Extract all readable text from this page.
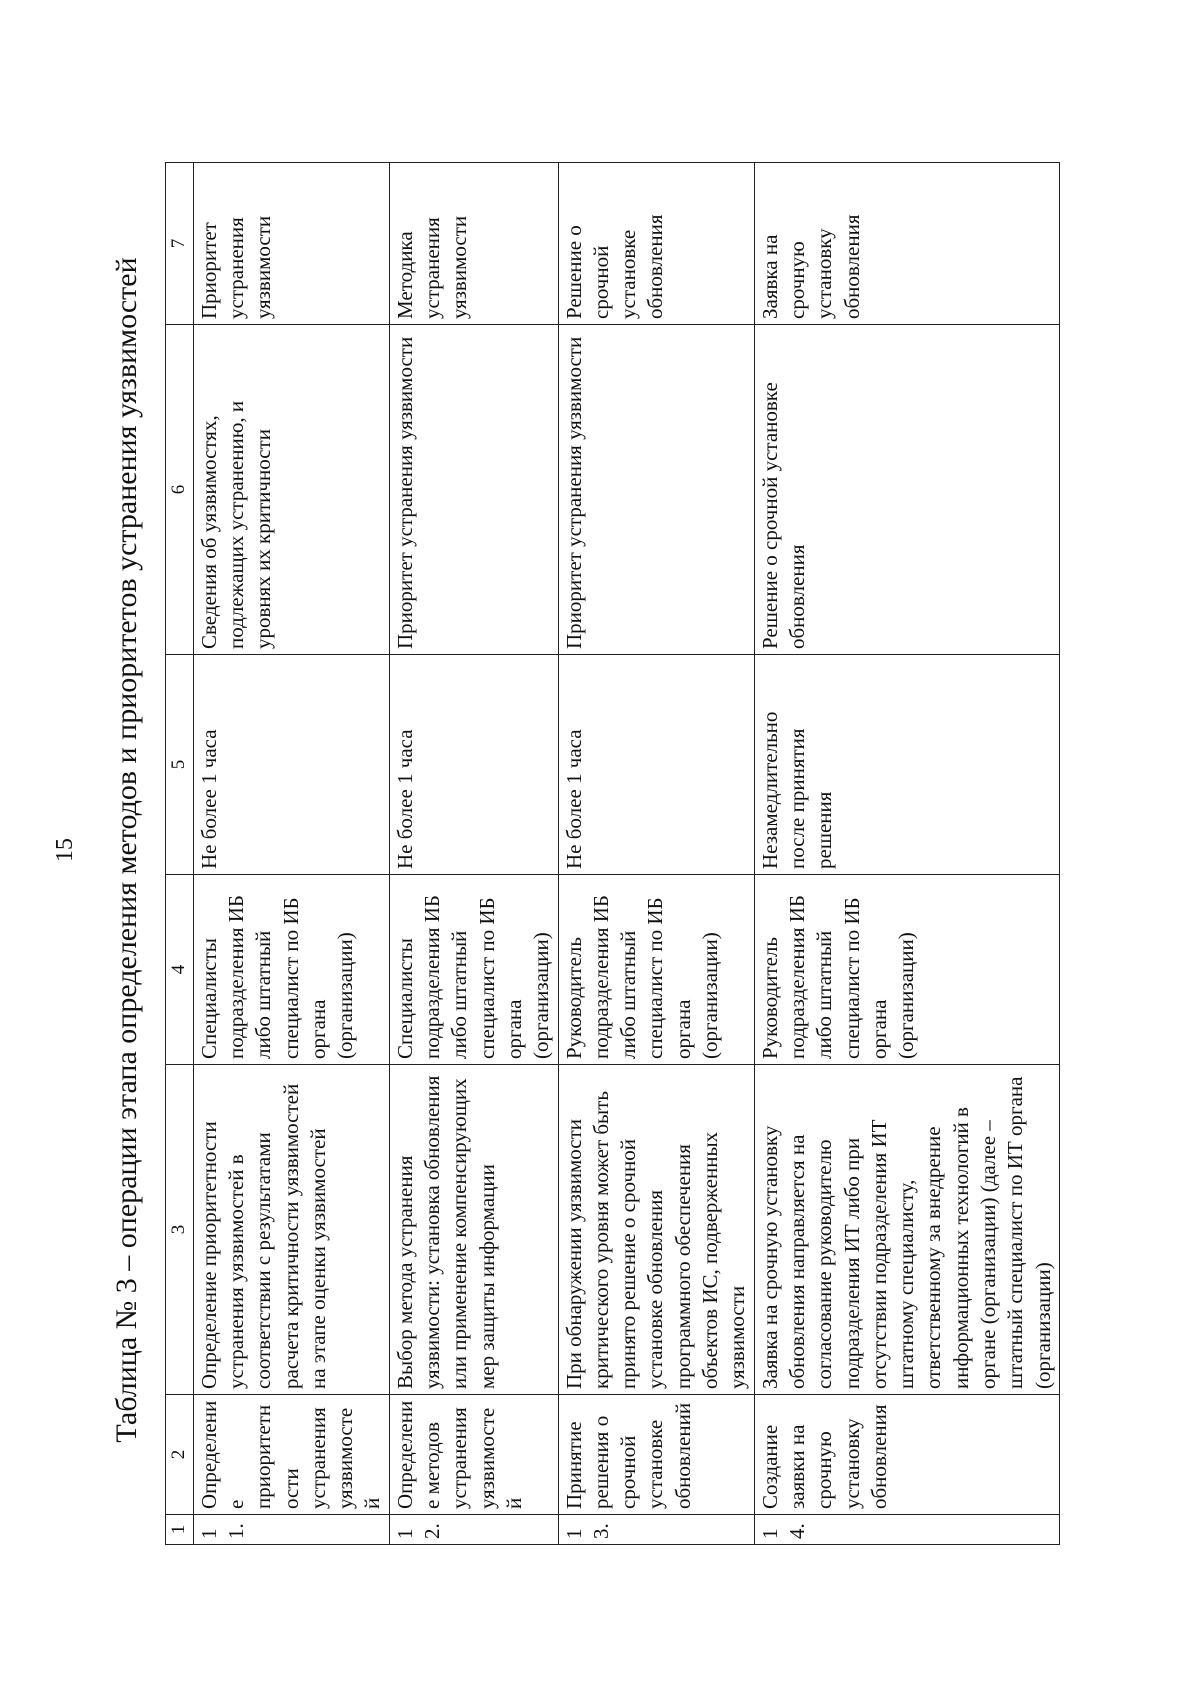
15 Таблица № 3 – операции этапа определения методов и приоритетов устранения уязвимостей
1	2	3	4	5	6	7
11.	Определение приоритетности устранения уязвимостей	Определение приоритетности устранения уязвимостей в соответствии с результатами расчета критичности уязвимостей на этапе оценки уязвимостей	Специалисты подразделения ИБ либо штатный специалист по ИБ органа (организации)	Не более 1 часа	Сведения об уязвимостях, подлежащих устранению, и уровнях их критичности	Приоритет устранения уязвимости
12.	Определение методов устранения уязвимостей	Выбор метода устранения уязвимости: установка обновления или применение компенсирующих мер защиты информации	Специалисты подразделения ИБ либо штатный специалист по ИБ органа (организации)	Не более 1 часа	Приоритет устранения уязвимости	Методика устранения уязвимости
13.	Принятие решения о срочной установке обновлений	При обнаружении уязвимости критического уровня может быть принято решение о срочной установке обновления программного обеспечения объектов ИС, подверженных уязвимости	Руководитель подразделения ИБ либо штатный специалист по ИБ органа (организации)	Не более 1 часа	Приоритет устранения уязвимости	Решение о срочной установке обновления
14.	Создание заявки на срочную установку обновления	Заявка на срочную установку обновления направляется на согласование руководителю подразделения ИТ либо при отсутствии подразделения ИТ штатному специалисту, ответственному за внедрение информационных технологий в органе (организации) (далее – штатный специалист по ИТ органа (организации)	Руководитель подразделения ИБ либо штатный специалист по ИБ органа (организации)	Незамедлительно после принятия решения	Решение о срочной установке обновления	Заявка на срочную установку обновления
